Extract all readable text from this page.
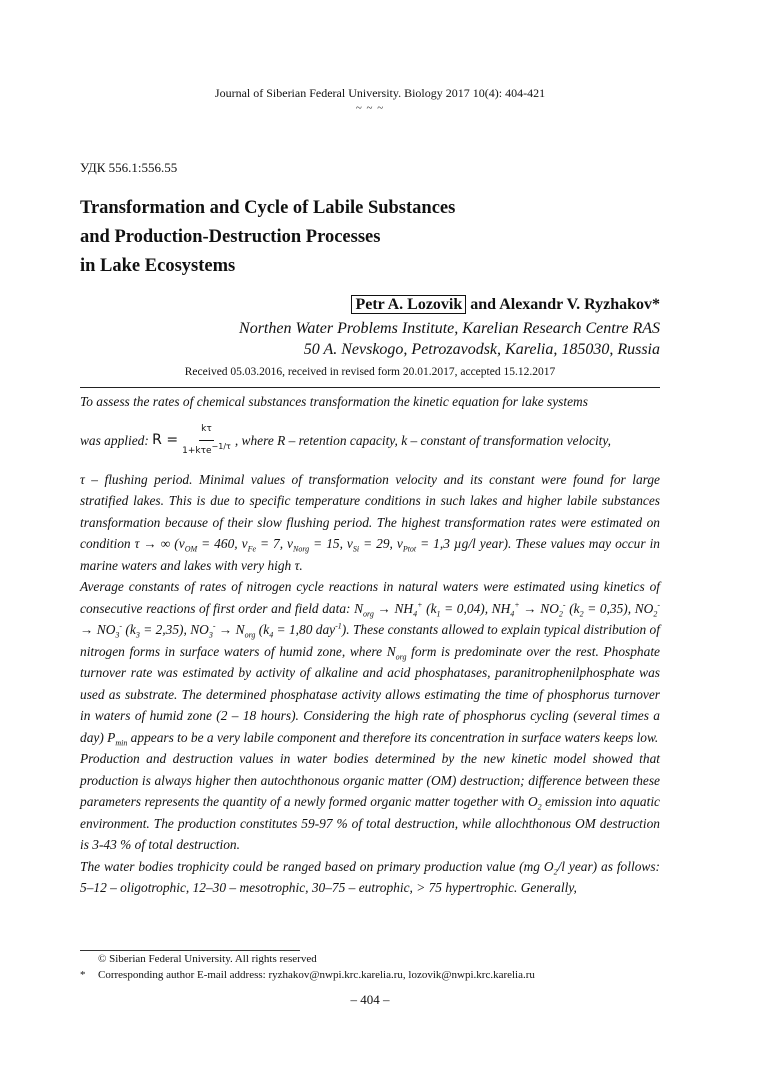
Journal of Siberian Federal University. Biology 2017 10(4): 404-421
~ ~ ~
УДК 556.1:556.55
Transformation and Cycle of Labile Substances
and Production-Destruction Processes
in Lake Ecosystems
Petr A. Lozovik and Alexandr V. Ryzhakov*
Northen Water Problems Institute, Karelian Research Centre RAS
50 A. Nevskogo, Petrozavodsk, Karelia, 185030, Russia
Received 05.03.2016, received in revised form 20.01.2017, accepted 15.12.2017

To assess the rates of chemical substances transformation the kinetic equation for lake systems

was applied:
$R = \frac{k\tau}{1+k\tau e^{-1/\tau}}$ , where R – retention capacity, k – constant of transformation velocity,

τ – flushing period. Minimal values of transformation velocity and its constant were found for large stratified lakes. This is due to specific temperature conditions in such lakes and higher labile substances transformation because of their slow flushing period. The highest transformation rates were estimated on condition τ → ∞ ($\nu_{OM} = 460$, $\nu_{Fe} = 7$, $\nu_{Norg} = 15$, $\nu_{Si} = 29$, $\nu_{Ptot} = 1,3$ µg/l year). These values may occur in marine waters and lakes with very high τ.

Average constants of rates of nitrogen cycle reactions in natural waters were estimated using kinetics of consecutive reactions of first order and field data: $N_{org} \to NH_4^+$ $(k_1 = 0,04)$, $NH_4^+ \to NO_2^-$ $(k_2 = 0,35)$, $NO_2^- \to NO_3^-$ $(k_3 = 2,35)$, $NO_3^- \to N_{org}$ ($k_4 = 1,80$ day$^{-1}$). These constants allowed to explain typical distribution of nitrogen forms in surface waters of humid zone, where $N_{org}$ form is predominate over the rest. Phosphate turnover rate was estimated by activity of alkaline and acid phosphatases, paranitrophenilphosphate was used as substrate. The determined phosphatase activity allows estimating the time of phosphorus turnover in waters of humid zone (2 – 18 hours). Considering the high rate of phosphorus cycling (several times a day) $P_{min}$ appears to be a very labile component and therefore its concentration in surface waters keeps low.

Production and destruction values in water bodies determined by the new kinetic model showed that production is always higher then autochthonous organic matter (OM) destruction; difference between these parameters represents the quantity of a newly formed organic matter together with $O_2$ emission into aquatic environment. The production constitutes 59-97 % of total destruction, while allochthonous OM destruction is 3-43 % of total destruction.

The water bodies trophicity could be ranged based on primary production value (mg $O_2/l$ year) as follows: 5–12 – oligotrophic, 12–30 – mesotrophic, 30–75 – eutrophic, > 75 hypertrophic. Generally,

© Siberian Federal University. All rights reserved
* Corresponding author E-mail address: ryzhakov@nwpi.krc.karelia.ru, lozovik@nwpi.krc.karelia.ru
– 404 –
